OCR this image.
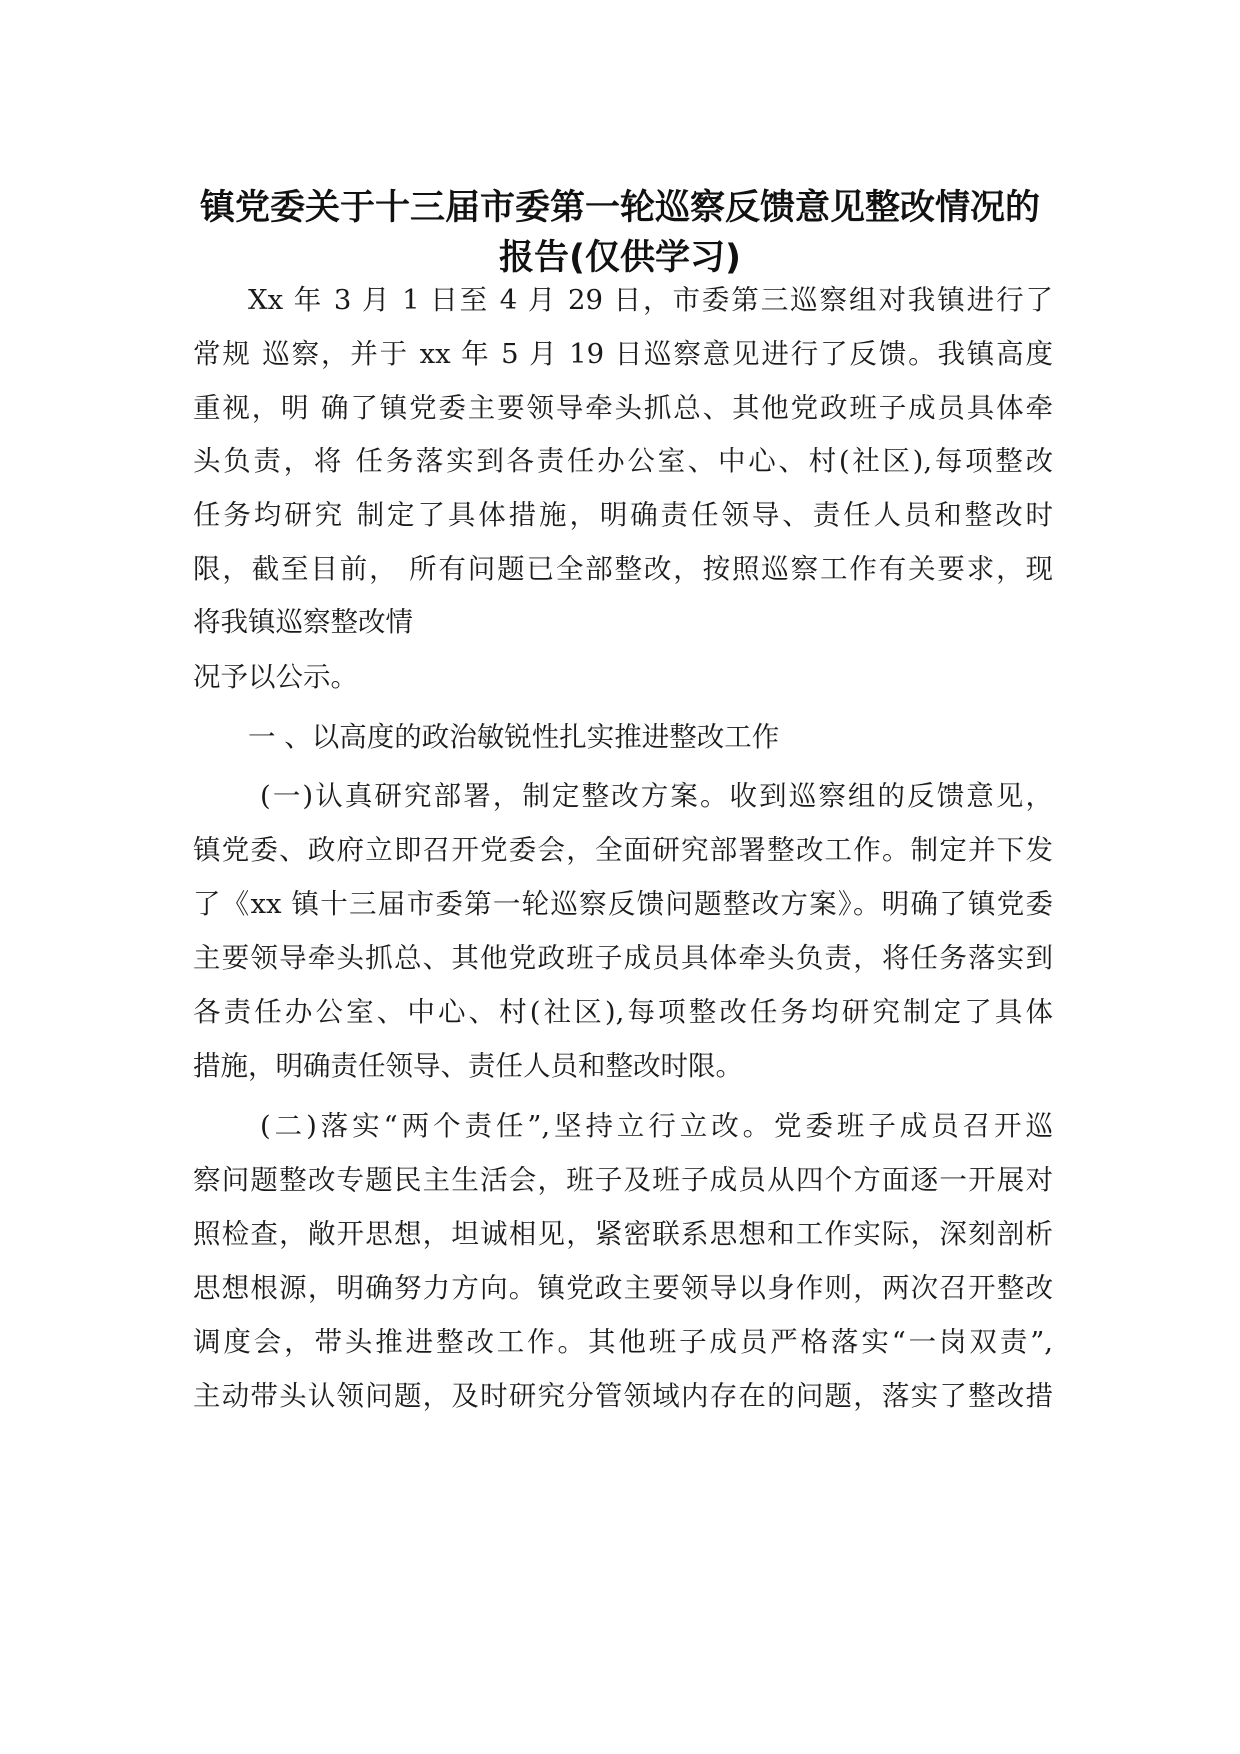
镇党委关于十三届市委第一轮巡察反馈意见整改情况的
报告(仅供学习)
Xx 年 3 月 1 日至 4 月 29 日，市委第三巡察组对我镇进行了
常规 巡察，并于 xx 年 5 月 19 日巡察意见进行了反馈。我镇高度
重视，明 确了镇党委主要领导牵头抓总、其他党政班子成员具体牵
头负责，将 任务落实到各责任办公室、中心、村(社区),每项整改
任务均研究 制定了具体措施，明确责任领导、责任人员和整改时
限，截至目前， 所有问题已全部整改，按照巡察工作有关要求，现
将我镇巡察整改情
况予以公示。
一 、以高度的政治敏锐性扎实推进整改工作
(一)认真研究部署，制定整改方案。收到巡察组的反馈意见，
镇党委、政府立即召开党委会，全面研究部署整改工作。制定并下发
了《xx 镇十三届市委第一轮巡察反馈问题整改方案》。明确了镇党委
主要领导牵头抓总、其他党政班子成员具体牵头负责，将任务落实到
各责任办公室、中心、村(社区),每项整改任务均研究制定了具体
措施，明确责任领导、责任人员和整改时限。
(二)落实“两个责任”,坚持立行立改。党委班子成员召开巡
察问题整改专题民主生活会，班子及班子成员从四个方面逐一开展对
照检查，敞开思想，坦诚相见，紧密联系思想和工作实际，深刻剖析
思想根源，明确努力方向。镇党政主要领导以身作则，两次召开整改
调度会，带头推进整改工作。其他班子成员严格落实“一岗双责”,
主动带头认领问题，及时研究分管领域内存在的问题，落实了整改措
